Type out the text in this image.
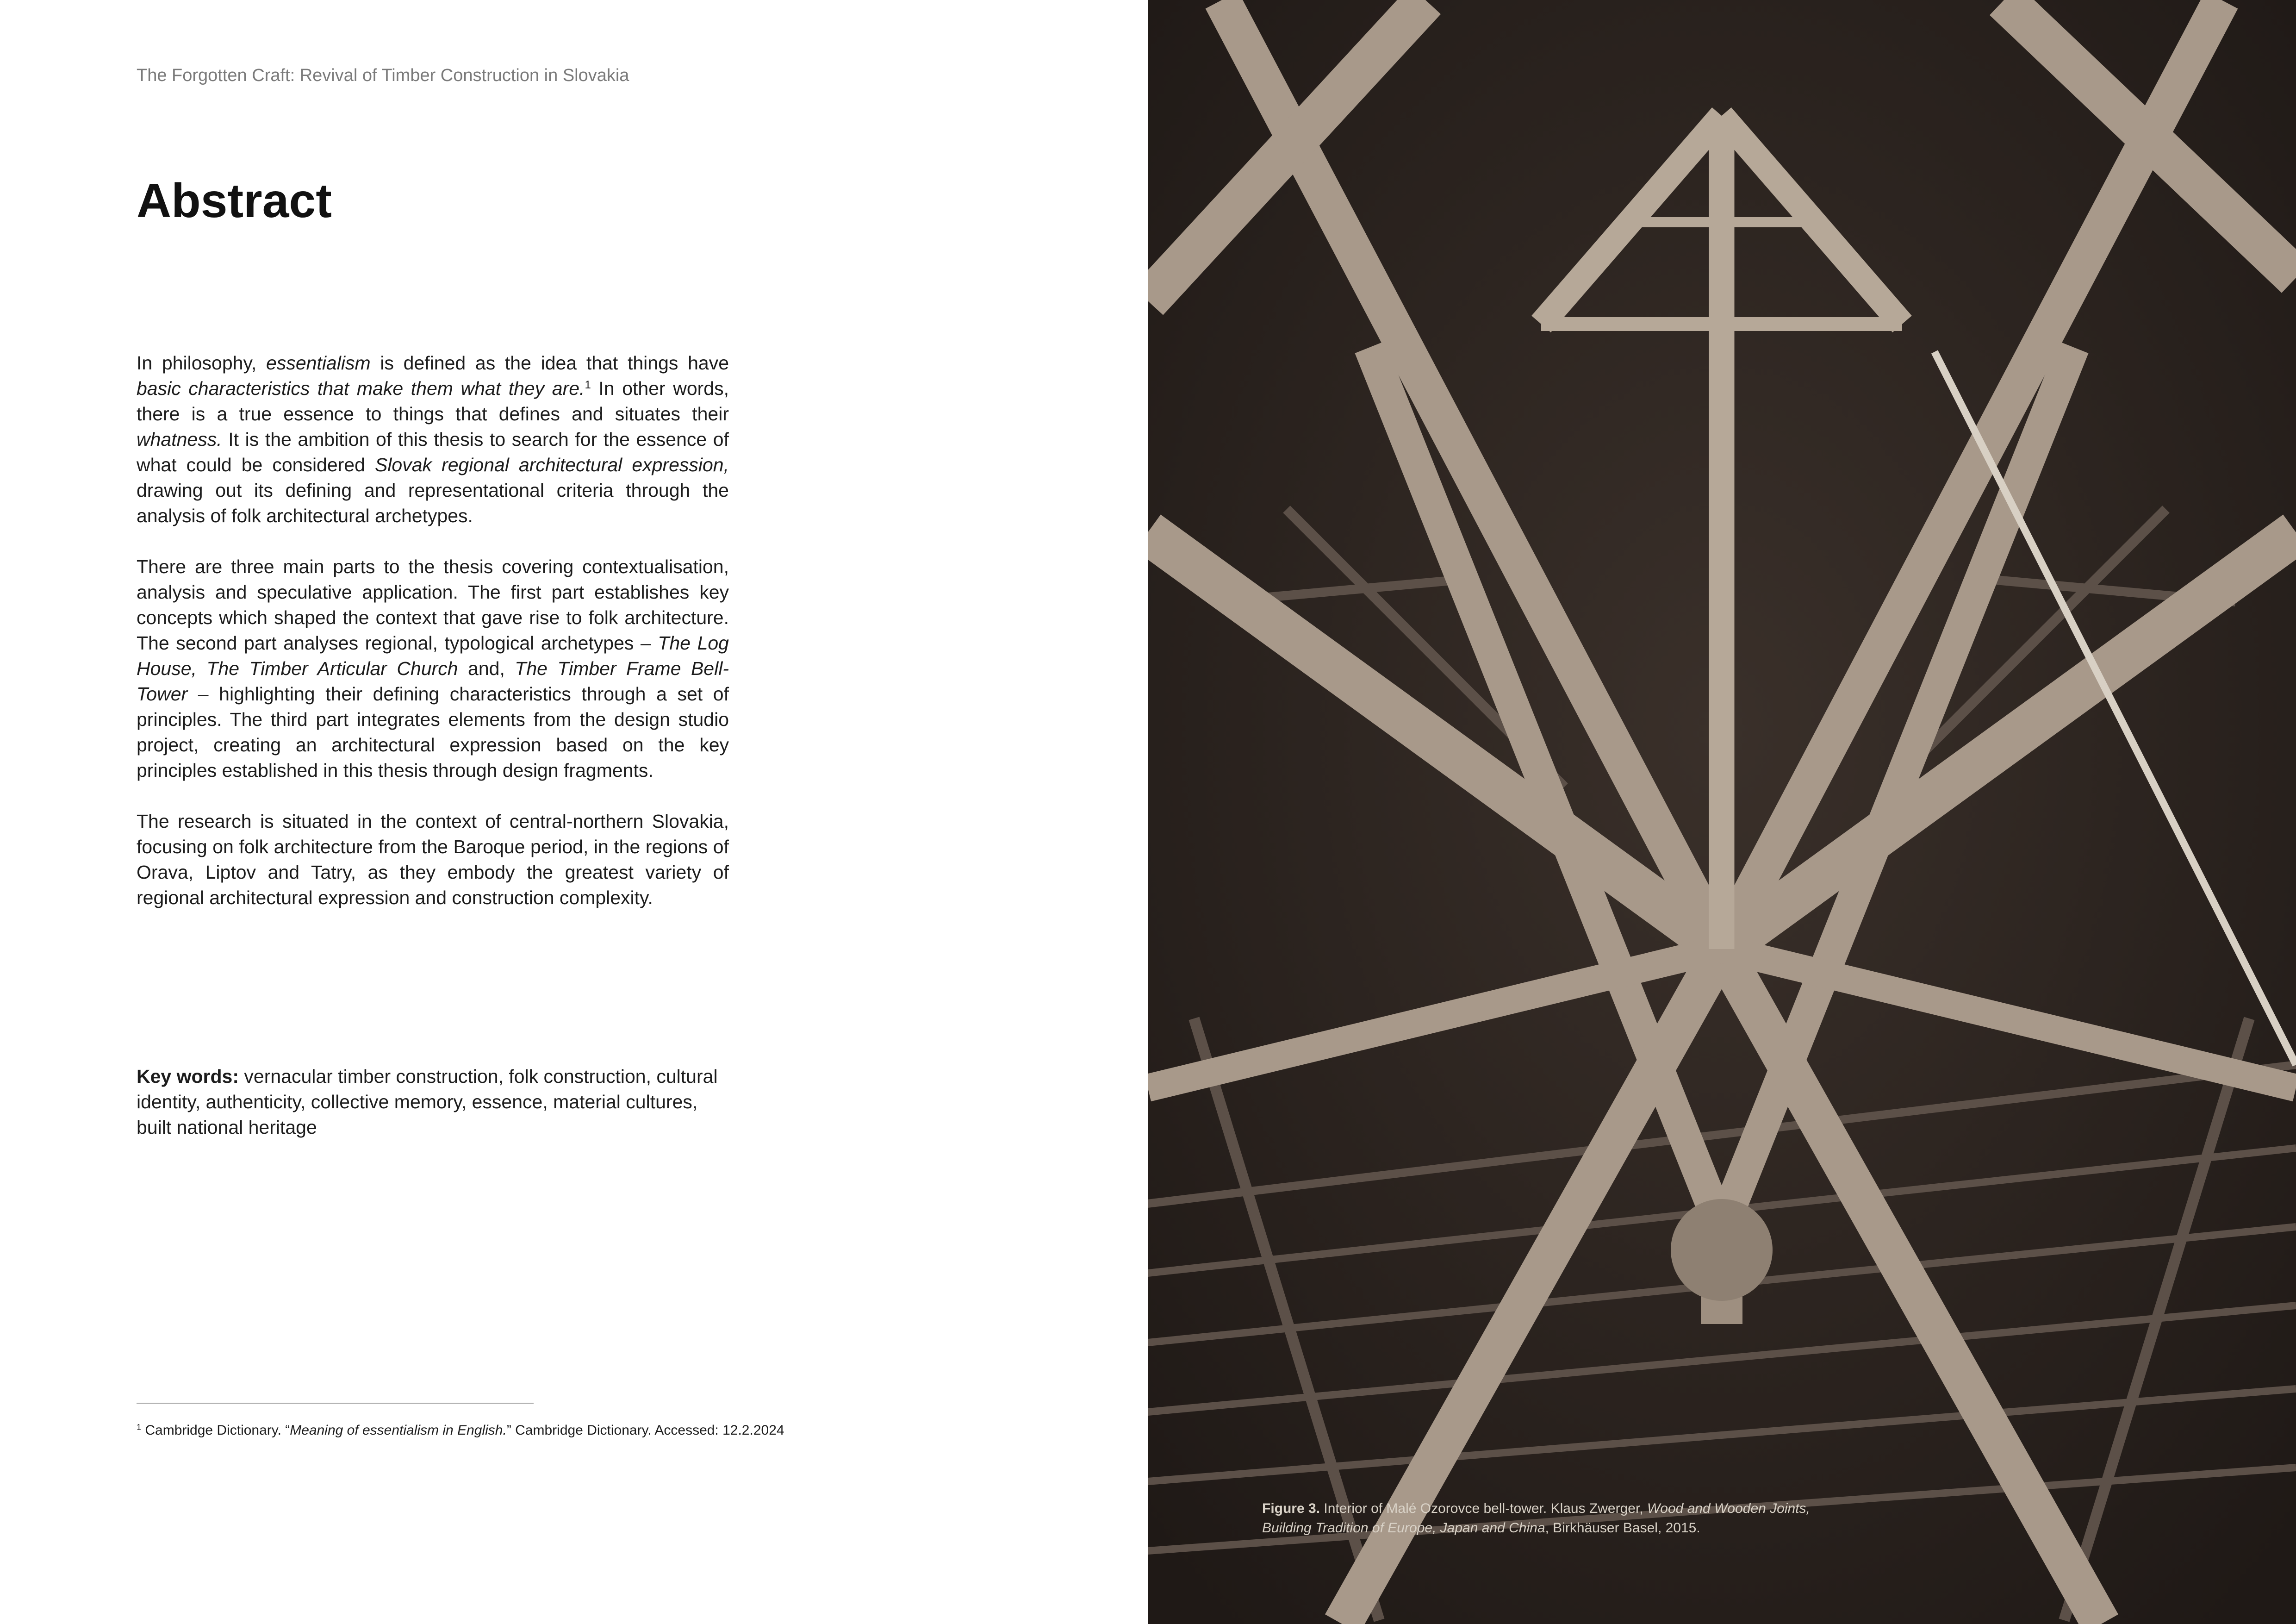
The Forgotten Craft: Revival of Timber Construction in Slovakia
Abstract

In philosophy, essentialism is defined as the idea that things have basic characteristics that make them what they are.$^1$ In other words, there is a true essence to things that defines and situates their whatness. It is the ambition of this thesis to search for the essence of what could be considered Slovak regional architectural expression, drawing out its defining and representational criteria through the analysis of folk architectural archetypes.

There are three main parts to the thesis covering contextualisation, analysis and speculative application. The first part establishes key concepts which shaped the context that gave rise to folk architecture. The second part analyses regional, typological archetypes – The Log House, The Timber Articular Church and, The Timber Frame Bell-Tower – highlighting their defining characteristics through a set of principles. The third part integrates elements from the design studio project, creating an architectural expression based on the key principles established in this thesis through design fragments.

The research is situated in the context of central-northern Slovakia, focusing on folk architecture from the Baroque period, in the regions of Orava, Liptov and Tatry, as they embody the greatest variety of regional architectural expression and construction complexity.

Key words: vernacular timber construction, folk construction, cultural identity, authenticity, collective memory, essence, material cultures, built national heritage

$^1$ Cambridge Dictionary. “Meaning of essentialism in English.” Cambridge Dictionary. Accessed: 12.2.2024

Figure 3. Interior of Malé Ozorovce bell-tower. Klaus Zwerger, Wood and Wooden Joints, Building Tradition of Europe, Japan and China, Birkhäuser Basel, 2015.
